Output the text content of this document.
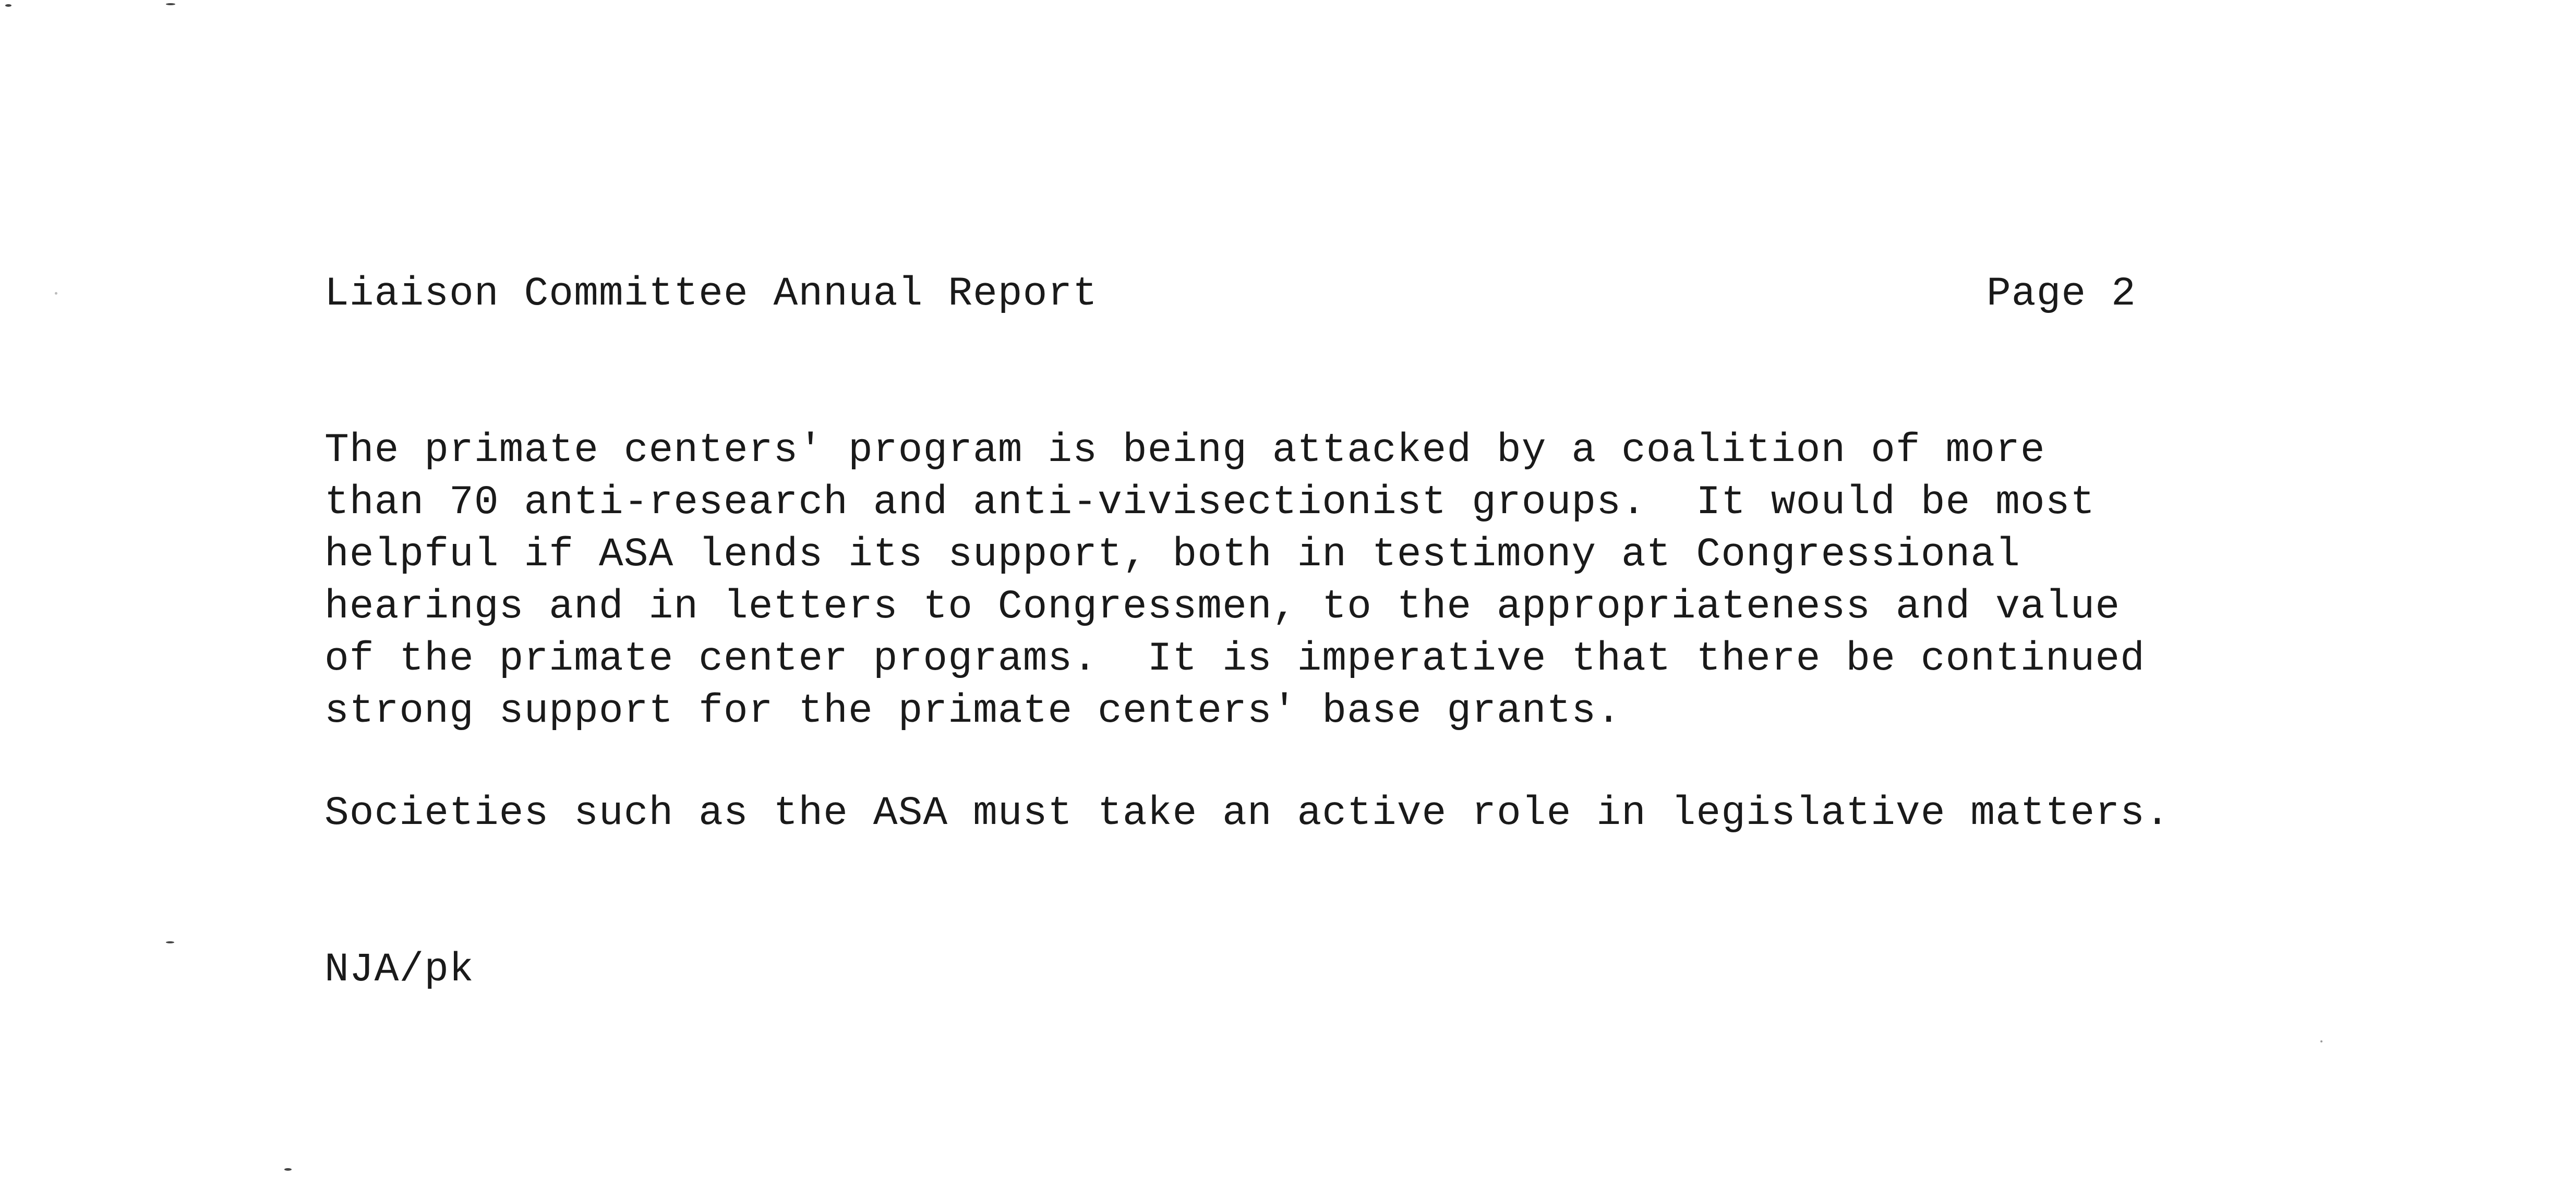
Liaison Committee Annual Report	Page 2
The primate centers' program is being attacked by a coalition of more
than 70 anti-research and anti-vivisectionist groups.  It would be most
helpful if ASA lends its support, both in testimony at Congressional
hearings and in letters to Congressmen, to the appropriateness and value
of the primate center programs.  It is imperative that there be continued
strong support for the primate centers' base grants.
Societies such as the ASA must take an active role in legislative matters.
NJA/pk
